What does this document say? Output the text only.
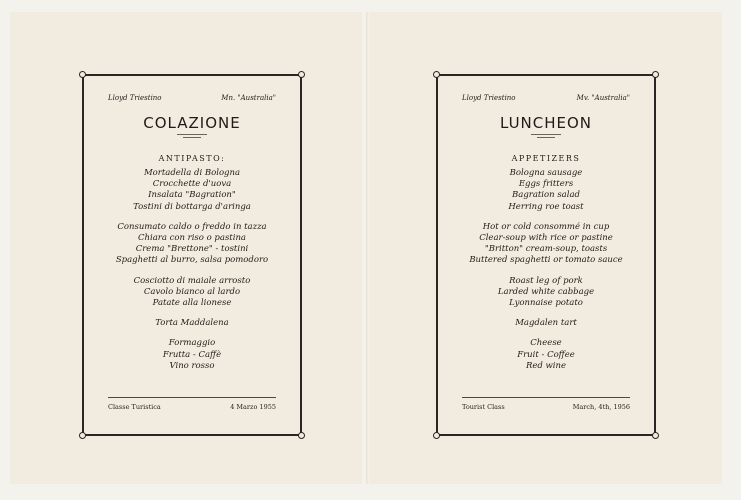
Lloyd Triestino	Mn. "Australia"
COLAZIONE
ANTIPASTO:
Mortadella di Bologna
Crocchette d'uova
Insalata "Bagration"
Tostini di bottarga d'aringa
Consumato caldo o freddo in tazza
Chiara con riso o pastina
Crema "Brettone" - tostini
Spaghetti al burro, salsa pomodoro
Cosciotto di maiale arrosto
Cavolo bianco al lardo
Patate alla lionese
Torta Maddalena
Formaggio
Frutta - Caffè
Vino rosso
Classe Turistica	4 Marzo 1955
Lloyd Triestino	Mv. "Australia"
LUNCHEON
APPETIZERS
Bologna sausage
Eggs fritters
Bagration salad
Herring roe toast
Hot or cold consommé in cup
Clear-soup with rice or pastine
"Britton" cream-soup, toasts
Buttered spaghetti or tomato sauce
Roast leg of pork
Larded white cabbage
Lyonnaise potato
Magdalen tart
Cheese
Fruit - Coffee
Red wine
Tourist Class	March, 4th, 1956
